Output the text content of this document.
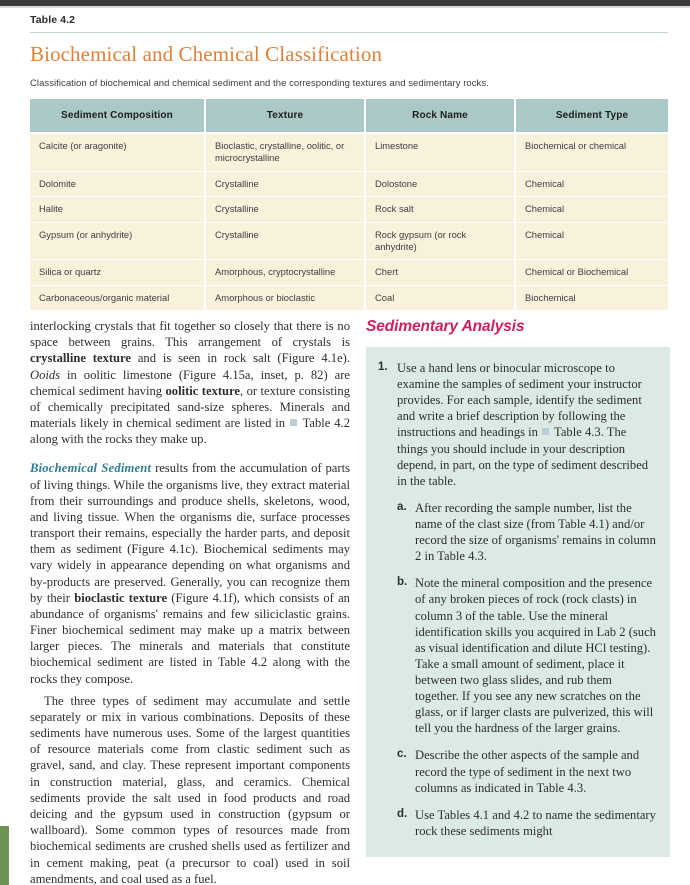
Table 4.2
Biochemical and Chemical Classification

Classification of biochemical and chemical sediment and the corresponding textures and sedimentary rocks.

Sediment Composition	Texture	Rock Name	Sediment Type
Calcite (or aragonite)	Bioclastic, crystalline, oolitic, or microcrystalline	Limestone	Biochemical or chemical
Dolomite	Crystalline	Dolostone	Chemical
Halite	Crystalline	Rock salt	Chemical
Gypsum (or anhydrite)	Crystalline	Rock gypsum (or rock anhydrite)	Chemical
Silica or quartz	Amorphous, cryptocrystalline	Chert	Chemical or Biochemical
Carbonaceous/organic material	Amorphous or bioclastic	Coal	Biochemical

interlocking crystals that fit together so closely that there is no space between grains. This arrangement of crystals is crystalline texture and is seen in rock salt (Figure 4.1e). Ooids in oolitic limestone (Figure 4.15a, inset, p. 82) are chemical sediment having oolitic texture, or texture consisting of chemically precipitated sand-size spheres. Minerals and materials likely in chemical sediment are listed in  Table 4.2 along with the rocks they make up.

Biochemical Sediment results from the accumulation of parts of living things. While the organisms live, they extract material from their surroundings and produce shells, skeletons, wood, and living tissue. When the organisms die, surface processes transport their remains, especially the harder parts, and deposit them as sediment (Figure 4.1c). Biochemical sediments may vary widely in appearance depending on what organisms and by-products are preserved. Generally, you can recognize them by their bioclastic texture (Figure 4.1f), which consists of an abundance of organisms' remains and few siliciclastic grains. Finer biochemical sediment may make up a matrix between larger pieces. The minerals and materials that constitute biochemical sediment are listed in Table 4.2 along with the rocks they compose.

The three types of sediment may accumulate and settle separately or mix in various combinations. Deposits of these sediments have numerous uses. Some of the largest quantities of resource materials come from clastic sediment such as gravel, sand, and clay. These represent important components in construction material, glass, and ceramics. Chemical sediments provide the salt used in food products and road deicing and the gypsum used in construction (gypsum or wallboard). Some common types of resources made from biochemical sediments are crushed shells used as fertilizer and in cement making, peat (a precursor to coal) used in soil amendments, and coal used as a fuel.

Sedimentary Analysis
1. Use a hand lens or binocular microscope to examine the samples of sediment your instructor provides. For each sample, identify the sediment and write a brief description by following the instructions and headings in  Table 4.3. The things you should include in your description depend, in part, on the type of sediment described in the table.
a. After recording the sample number, list the name of the clast size (from Table 4.1) and/or record the size of organisms' remains in column 2 in Table 4.3.
b. Note the mineral composition and the presence of any broken pieces of rock (rock clasts) in column 3 of the table. Use the mineral identification skills you acquired in Lab 2 (such as visual identification and dilute HCl testing). Take a small amount of sediment, place it between two glass slides, and rub them together. If you see any new scratches on the glass, or if larger clasts are pulverized, this will tell you the hardness of the larger grains.
c. Describe the other aspects of the sample and record the type of sediment in the next two columns as indicated in Table 4.3.
d. Use Tables 4.1 and 4.2 to name the sedimentary rock these sediments might
